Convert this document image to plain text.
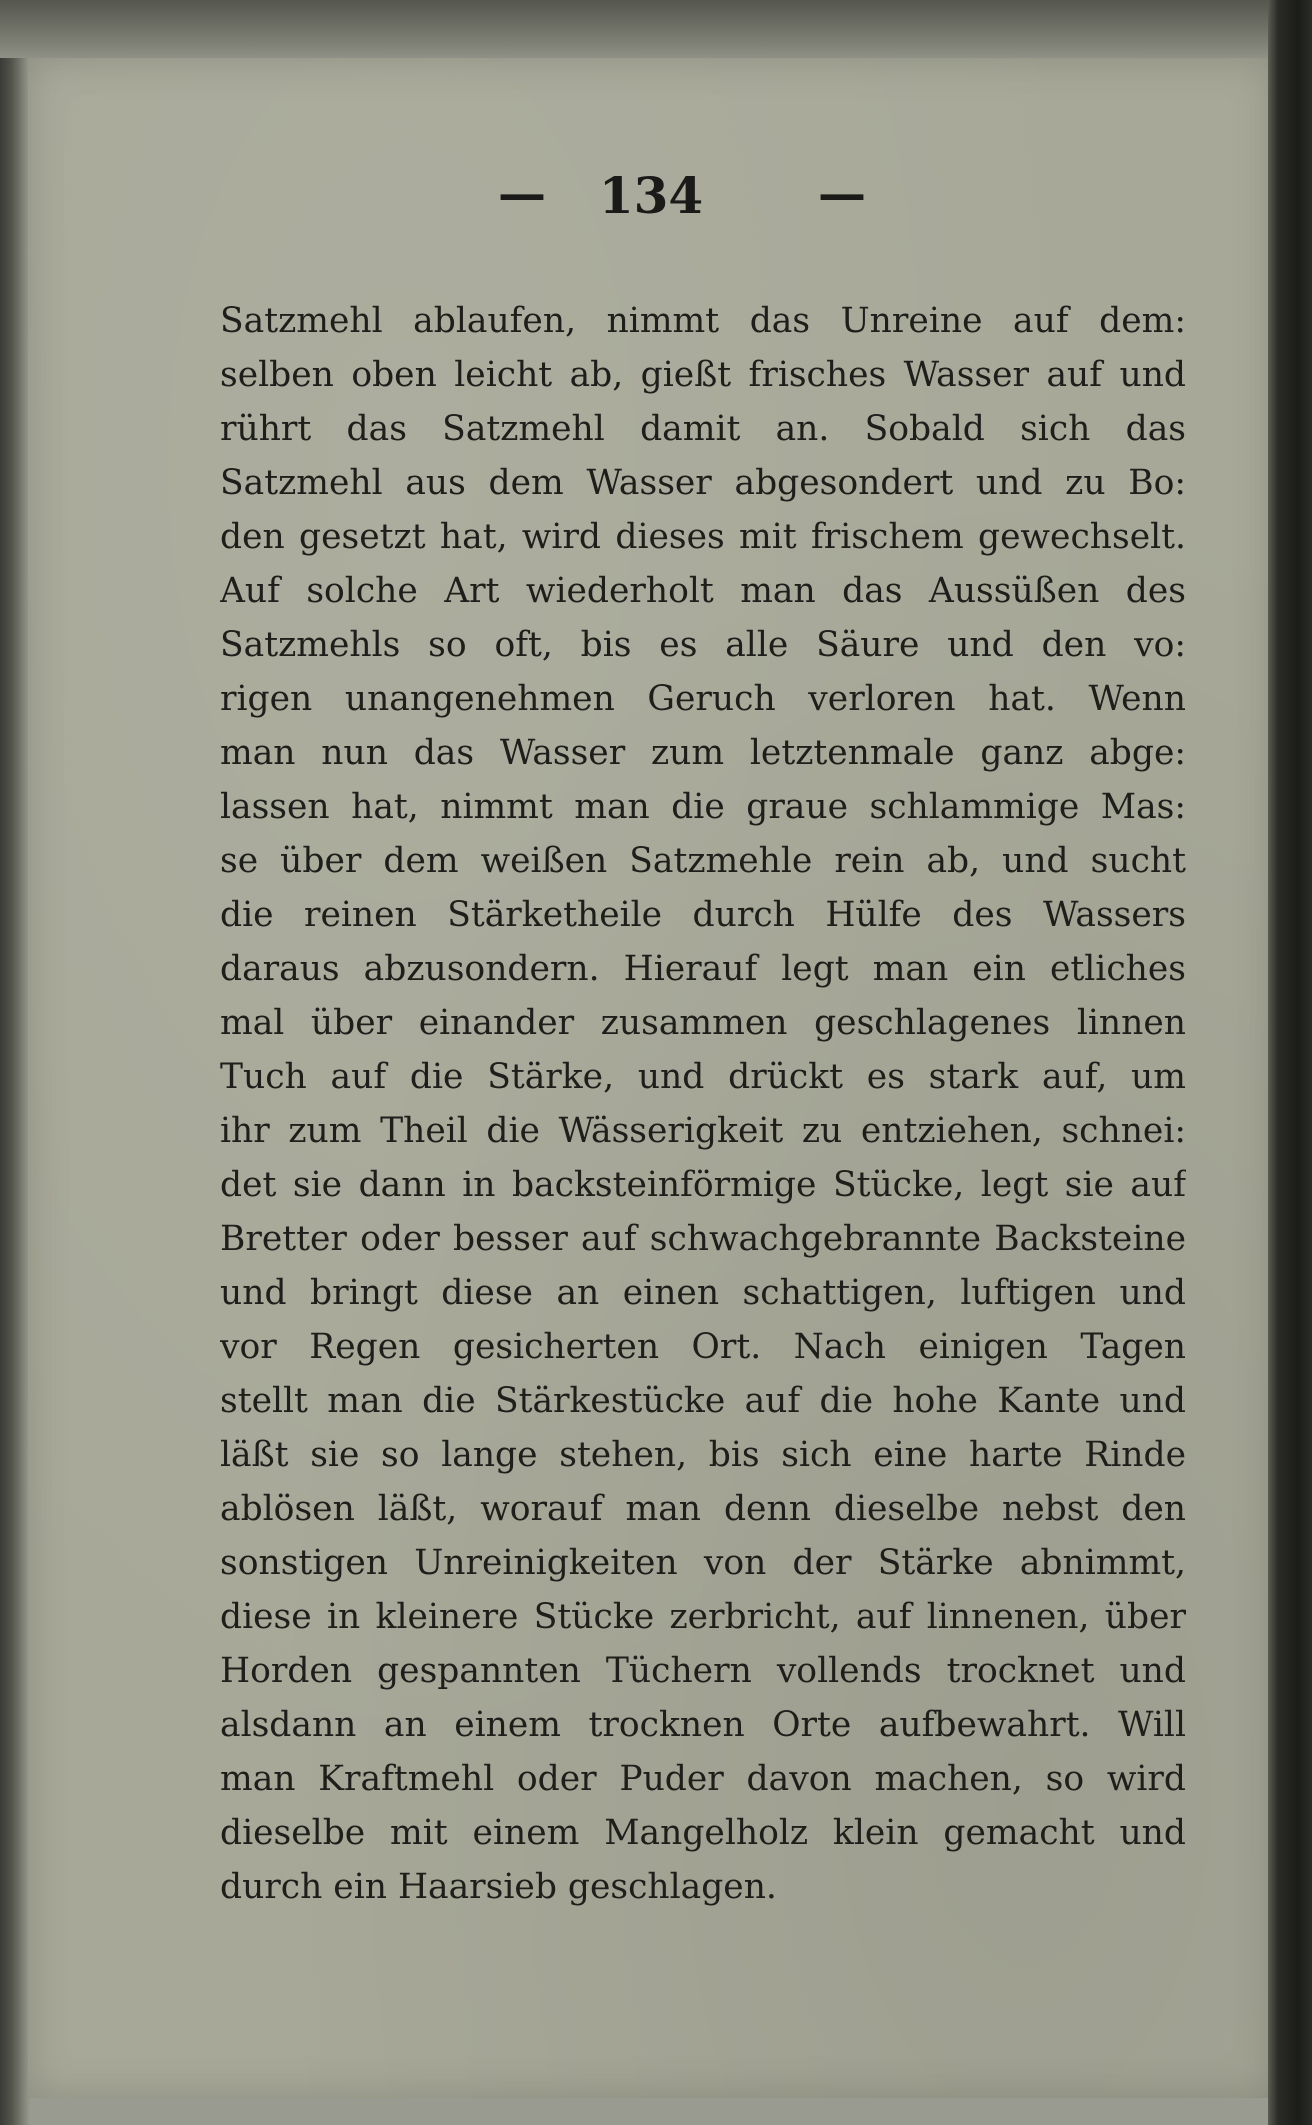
—	134	—
Satzmehl ablaufen, nimmt das Unreine auf dem:
selben oben leicht ab, gießt frisches Wasser auf und
rührt das Satzmehl damit an. Sobald sich das
Satzmehl aus dem Wasser abgesondert und zu Bo:
den gesetzt hat, wird dieses mit frischem gewechselt.
Auf solche Art wiederholt man das Aussüßen des
Satzmehls so oft, bis es alle Säure und den vo:
rigen unangenehmen Geruch verloren hat. Wenn
man nun das Wasser zum letztenmale ganz abge:
lassen hat, nimmt man die graue schlammige Mas:
se über dem weißen Satzmehle rein ab, und sucht
die reinen Stärketheile durch Hülfe des Wassers
daraus abzusondern. Hierauf legt man ein etliches
mal über einander zusammen geschlagenes linnen
Tuch auf die Stärke, und drückt es stark auf, um
ihr zum Theil die Wässerigkeit zu entziehen, schnei:
det sie dann in backsteinförmige Stücke, legt sie auf
Bretter oder besser auf schwachgebrannte Backsteine
und bringt diese an einen schattigen, luftigen und
vor Regen gesicherten Ort. Nach einigen Tagen
stellt man die Stärkestücke auf die hohe Kante und
läßt sie so lange stehen, bis sich eine harte Rinde
ablösen läßt, worauf man denn dieselbe nebst den
sonstigen Unreinigkeiten von der Stärke abnimmt,
diese in kleinere Stücke zerbricht, auf linnenen, über
Horden gespannten Tüchern vollends trocknet und
alsdann an einem trocknen Orte aufbewahrt. Will
man Kraftmehl oder Puder davon machen, so wird
dieselbe mit einem Mangelholz klein gemacht und
durch ein Haarsieb geschlagen.
